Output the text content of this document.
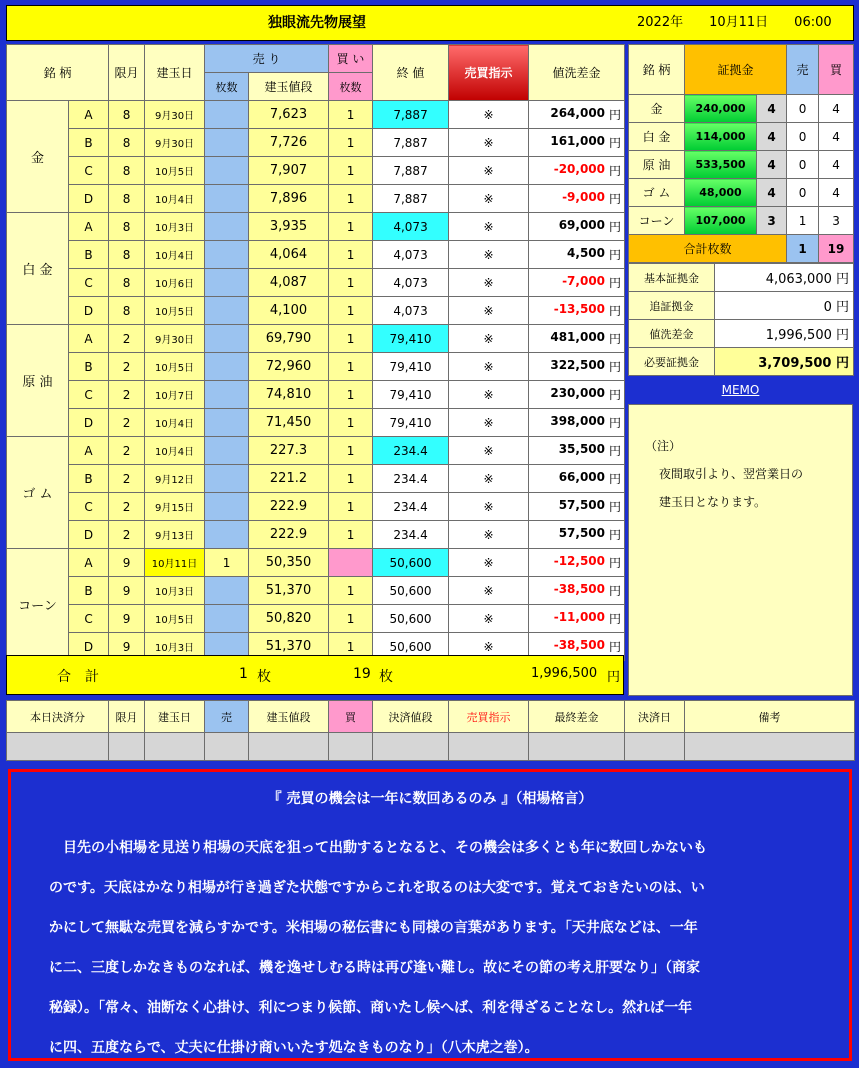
独眼流先物展望	2022年　　10月11日　　06:00
銘 柄		限月	建玉日	売 り		買 い	終 値	売買指示	値洗差金
				枚数	建玉値段	枚数			
金	A	8	9月30日		7,623	1	7,887	※	264,000 円

	B	8	9月30日		7,726	1	7,887	※	161,000 円

	C	8	10月5日		7,907	1	7,887	※	-20,000 円

	D	8	10月4日		7,896	1	7,887	※	-9,000 円

白 金	A	8	10月3日		3,935	1	4,073	※	69,000 円

	B	8	10月4日		4,064	1	4,073	※	4,500 円

	C	8	10月6日		4,087	1	4,073	※	-7,000 円

	D	8	10月5日		4,100	1	4,073	※	-13,500 円

原 油	A	2	9月30日		69,790	1	79,410	※	481,000 円

	B	2	10月5日		72,960	1	79,410	※	322,500 円

	C	2	10月7日		74,810	1	79,410	※	230,000 円

	D	2	10月4日		71,450	1	79,410	※	398,000 円

ゴ ム	A	2	10月4日		227.3	1	234.4	※	35,500 円

	B	2	9月12日		221.2	1	234.4	※	66,000 円

	C	2	9月15日		222.9	1	234.4	※	57,500 円

	D	2	9月13日		222.9	1	234.4	※	57,500 円

コーン	A	9	10月11日	1	50,350		50,600	※	-12,500 円

	B	9	10月3日		51,370	1	50,600	※	-38,500 円

	C	9	10月5日		50,820	1	50,600	※	-11,000 円

	D	9	10月3日		51,370	1	50,600	※	-38,500 円
合　計	1 枚	19 枚	1,996,500 円
銘 柄	証拠金		売	買
金	240,000	4	0	4
白 金	114,000	4	0	4
原 油	533,500	4	0	4
ゴ ム	48,000	4	0	4
コーン	107,000	3	1	3
合計枚数			1	19
基本証拠金	4,063,000 円
追証拠金	0 円
値洗差金	1,996,500 円
必要証拠金	3,709,500 円
MEMO
（注）
夜間取引より、翌営業日の
建玉日となります。
本日決済分	限月	建玉日	売	建玉値段	買	決済値段	売買指示	最終差金	決済日	備考

『 売買の機会は一年に数回あるのみ 』（相場格言）
　目先の小相場を見送り相場の天底を狙って出動するとなると、その機会は多くとも年に数回しかないも
のです。天底はかなり相場が行き過ぎた状態ですからこれを取るのは大変です。覚えておきたいのは、い
かにして無駄な売買を減らすかです。米相場の秘伝書にも同様の言葉があります。「天井底などは、一年
に二、三度しかなきものなれば、機を逸せしむる時は再び逢い難し。故にその節の考え肝要なり」（商家
秘録）。「常々、油断なく心掛け、利につまり候節、商いたし候へば、利を得ざることなし。然れば一年
に四、五度ならで、丈夫に仕掛け商いいたす処なきものなり」（八木虎之巻）。
